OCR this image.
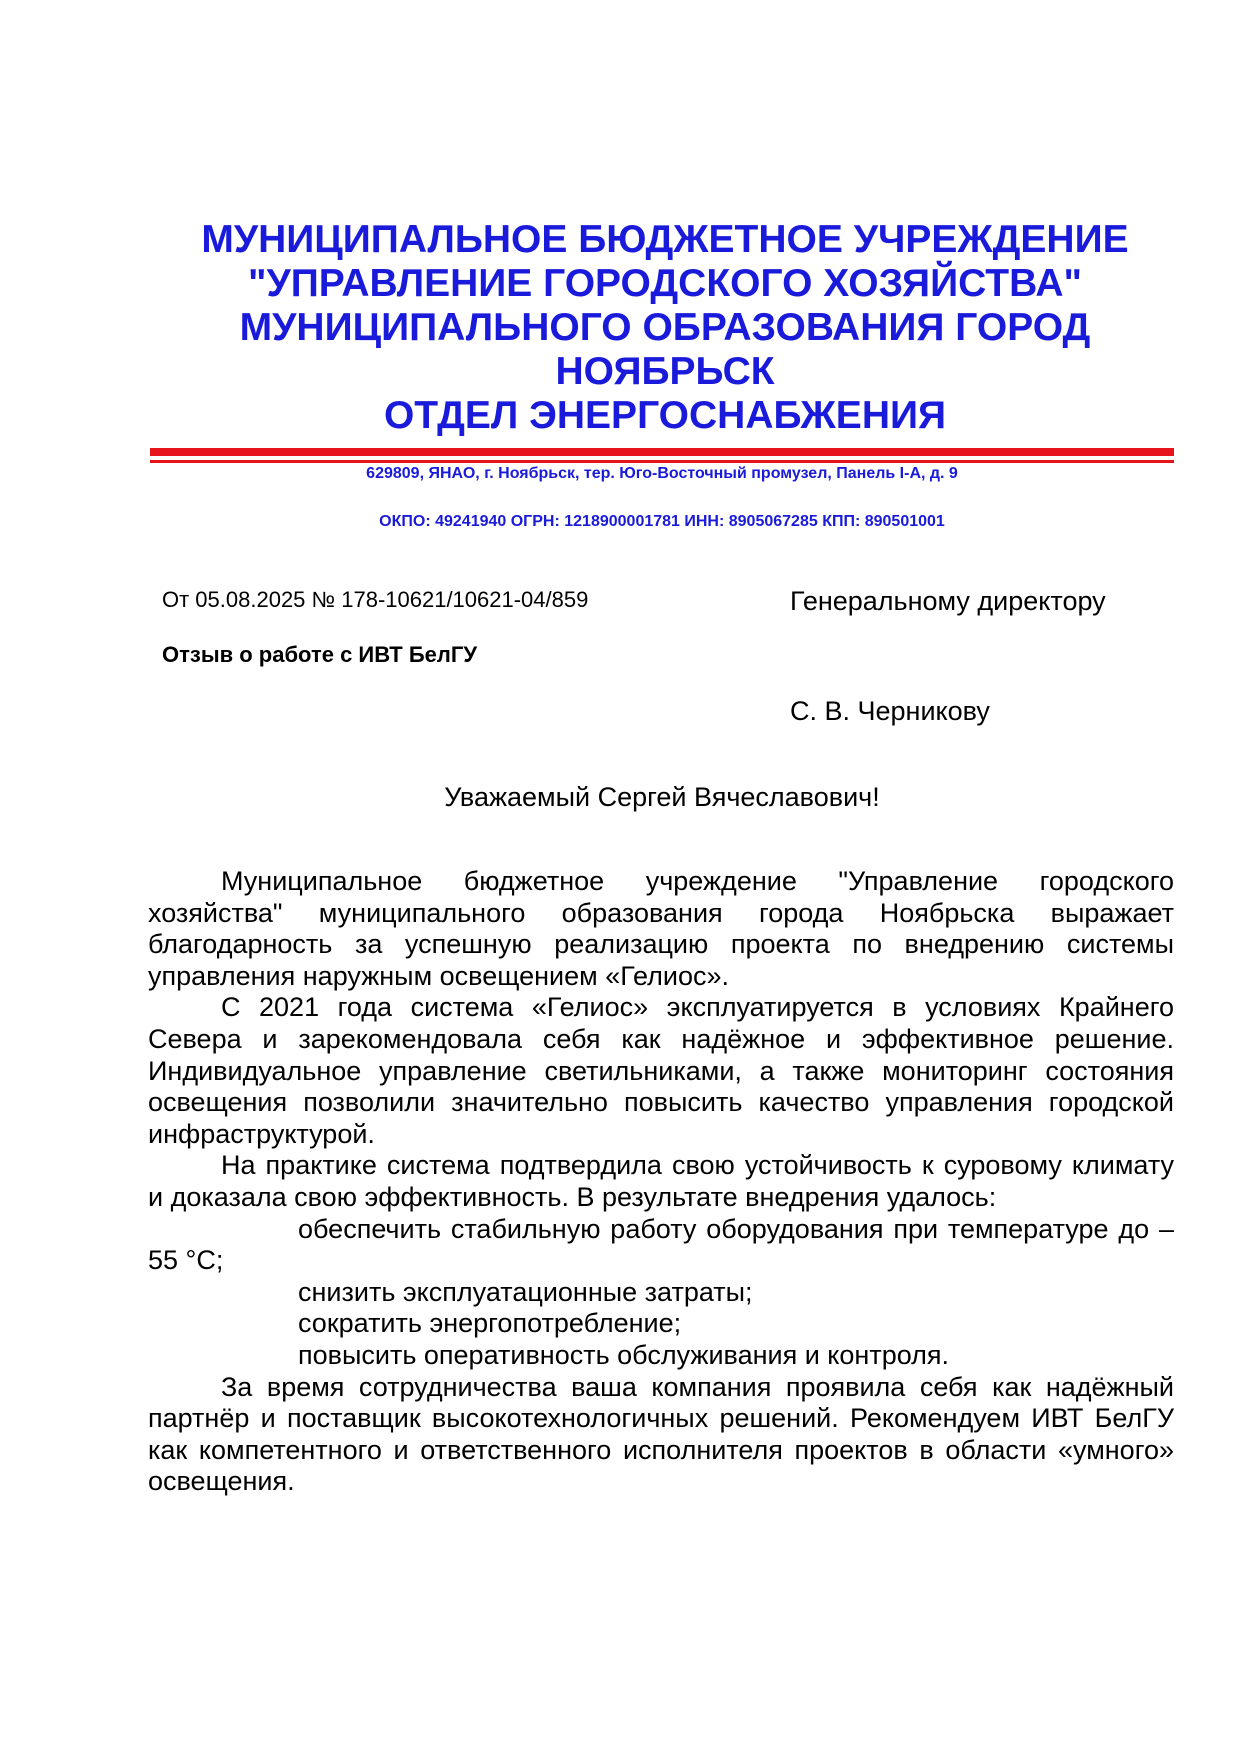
МУНИЦИПАЛЬНОЕ БЮДЖЕТНОЕ УЧРЕЖДЕНИЕ
"УПРАВЛЕНИЕ ГОРОДСКОГО ХОЗЯЙСТВА"
МУНИЦИПАЛЬНОГО ОБРАЗОВАНИЯ ГОРОД
НОЯБРЬСК
ОТДЕЛ ЭНЕРГОСНАБЖЕНИЯ
629809, ЯНАО, г. Ноябрьск, тер. Юго-Восточный промузел, Панель I-А, д. 9
ОКПО: 49241940 ОГРН: 1218900001781 ИНН: 8905067285 КПП: 890501001
От 05.08.2025 № 178-10621/10621-04/859
Отзыв о работе с ИВТ БелГУ
Генеральному директору
С. В. Черникову
Уважаемый Сергей Вячеславович!

Муниципальное бюджетное учреждение "Управление городского хозяйства" муниципального образования города Ноябрьска выражает благодарность за успешную реализацию проекта по внедрению системы управления наружным освещением «Гелиос».

С 2021 года система «Гелиос» эксплуатируется в условиях Крайнего Севера и зарекомендовала себя как надёжное и эффективное решение. Индивидуальное управление светильниками, а также мониторинг состояния освещения позволили значительно повысить качество управления городской инфраструктурой.

На практике система подтвердила свою устойчивость к суровому климату и доказала свою эффективность. В результате внедрения удалось:

обеспечить стабильную работу оборудования при температуре до –55 °C;
снизить эксплуатационные затраты;
сократить энергопотребление;
повысить оперативность обслуживания и контроля.

За время сотрудничества ваша компания проявила себя как надёжный партнёр и поставщик высокотехнологичных решений. Рекомендуем ИВТ БелГУ как компетентного и ответственного исполнителя проектов в области «умного» освещения.
